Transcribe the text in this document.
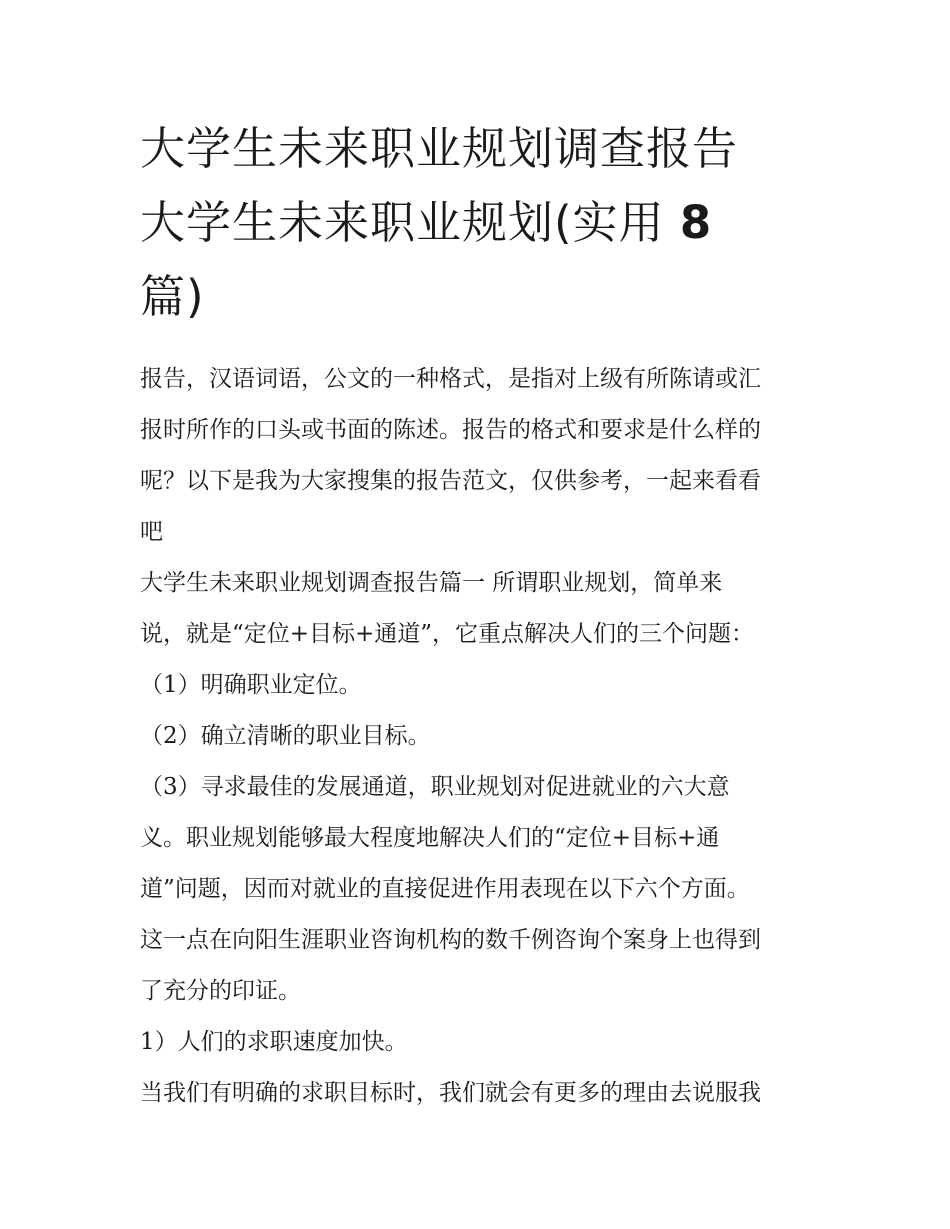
大学生未来职业规划调查报告
大学生未来职业规划(实用 8
篇)
报告，汉语词语，公文的一种格式，是指对上级有所陈请或汇
报时所作的口头或书面的陈述。报告的格式和要求是什么样的
呢？以下是我为大家搜集的报告范文，仅供参考，一起来看看
吧
大学生未来职业规划调查报告篇一 所谓职业规划，简单来
说，就是“定位+目标+通道”，它重点解决人们的三个问题：
（1）明确职业定位。
（2）确立清晰的职业目标。
（3）寻求最佳的发展通道，职业规划对促进就业的六大意
义。职业规划能够最大程度地解决人们的“定位+目标+通
道”问题，因而对就业的直接促进作用表现在以下六个方面。
这一点在向阳生涯职业咨询机构的数千例咨询个案身上也得到
了充分的印证。
1）人们的求职速度加快。
当我们有明确的求职目标时，我们就会有更多的理由去说服我
